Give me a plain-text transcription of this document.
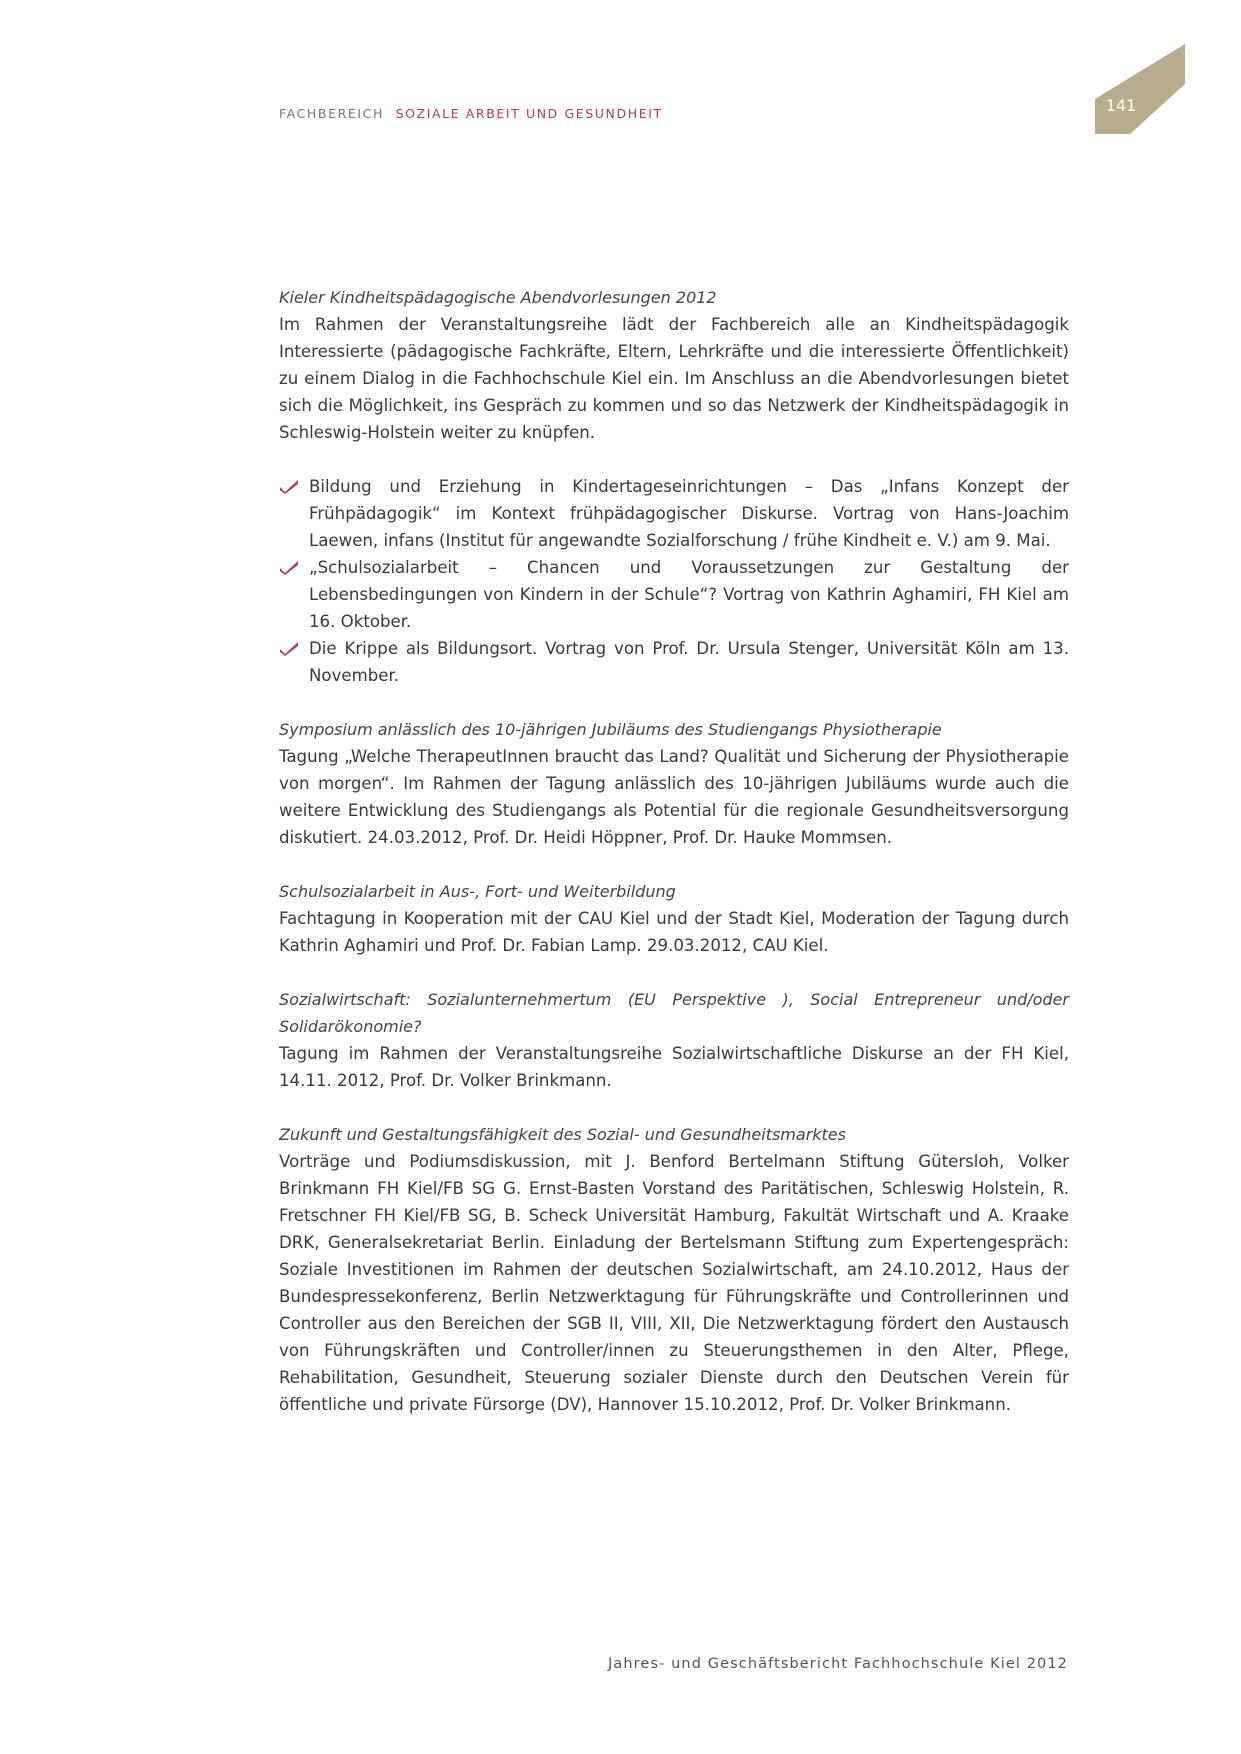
FACHBEREICH SOZIALE ARBEIT UND GESUNDHEIT	141

Kieler Kindheitspädagogische Abendvorlesungen 2012

Im Rahmen der Veranstaltungsreihe lädt der Fachbereich alle an Kindheitspädagogik Interessierte (pädagogische Fachkräfte, Eltern, Lehrkräfte und die interessierte Öffentlichkeit) zu einem Dialog in die Fachhochschule Kiel ein. Im Anschluss an die Abendvorlesungen bietet sich die Möglichkeit, ins Gespräch zu kommen und so das Netzwerk der Kindheitspädagogik in Schleswig-Holstein weiter zu knüpfen.

Bildung und Erziehung in Kindertageseinrichtungen – Das „Infans Konzept der Frühpädagogik“ im Kontext frühpädagogischer Diskurse. Vortrag von Hans-Joachim Laewen, infans (Institut für angewandte Sozialforschung / frühe Kindheit e. V.) am 9. Mai.
„Schulsozialarbeit – Chancen und Voraussetzungen zur Gestaltung der Lebensbedingungen von Kindern in der Schule“? Vortrag von Kathrin Aghamiri, FH Kiel am 16. Oktober.
Die Krippe als Bildungsort. Vortrag von Prof. Dr. Ursula Stenger, Universität Köln am 13. November.

Symposium anlässlich des 10-jährigen Jubiläums des Studiengangs Physiotherapie

Tagung „Welche TherapeutInnen braucht das Land? Qualität und Sicherung der Physiotherapie von morgen“. Im Rahmen der Tagung anlässlich des 10-jährigen Jubiläums wurde auch die weitere Entwicklung des Studiengangs als Potential für die regionale Gesundheitsversorgung diskutiert. 24.03.2012, Prof. Dr. Heidi Höppner, Prof. Dr. Hauke Mommsen.

Schulsozialarbeit in Aus-, Fort- und Weiterbildung

Fachtagung in Kooperation mit der CAU Kiel und der Stadt Kiel, Moderation der Tagung durch Kathrin Aghamiri und Prof. Dr. Fabian Lamp. 29.03.2012, CAU Kiel.

Sozialwirtschaft: Sozialunternehmertum (EU Perspektive ), Social Entrepreneur und/oder Solidarökonomie?

Tagung im Rahmen der Veranstaltungsreihe Sozialwirtschaftliche Diskurse an der FH Kiel, 14.11. 2012, Prof. Dr. Volker Brinkmann.

Zukunft und Gestaltungsfähigkeit des Sozial- und Gesundheitsmarktes

Vorträge und Podiumsdiskussion, mit J. Benford Bertelmann Stiftung Gütersloh, Volker Brinkmann FH Kiel/FB SG G. Ernst-Basten Vorstand des Paritätischen, Schleswig Holstein, R. Fretschner FH Kiel/FB SG, B. Scheck Universität Hamburg, Fakultät Wirtschaft und A. Kraake DRK, Generalsekretariat Berlin. Einladung der Bertelsmann Stiftung zum Expertengespräch: Soziale Investitionen im Rahmen der deutschen Sozialwirtschaft, am 24.10.2012, Haus der Bundespressekonferenz, Berlin Netzwerktagung für Führungskräfte und Controllerinnen und Controller aus den Bereichen der SGB II, VIII, XII, Die Netzwerktagung fördert den Austausch von Führungskräften und Controller/innen zu Steuerungsthemen in den Alter, Pflege, Rehabilitation, Gesundheit, Steuerung sozialer Dienste durch den Deutschen Verein für öffentliche und private Fürsorge (DV), Hannover 15.10.2012, Prof. Dr. Volker Brinkmann.

Jahres- und Geschäftsbericht Fachhochschule Kiel 2012
